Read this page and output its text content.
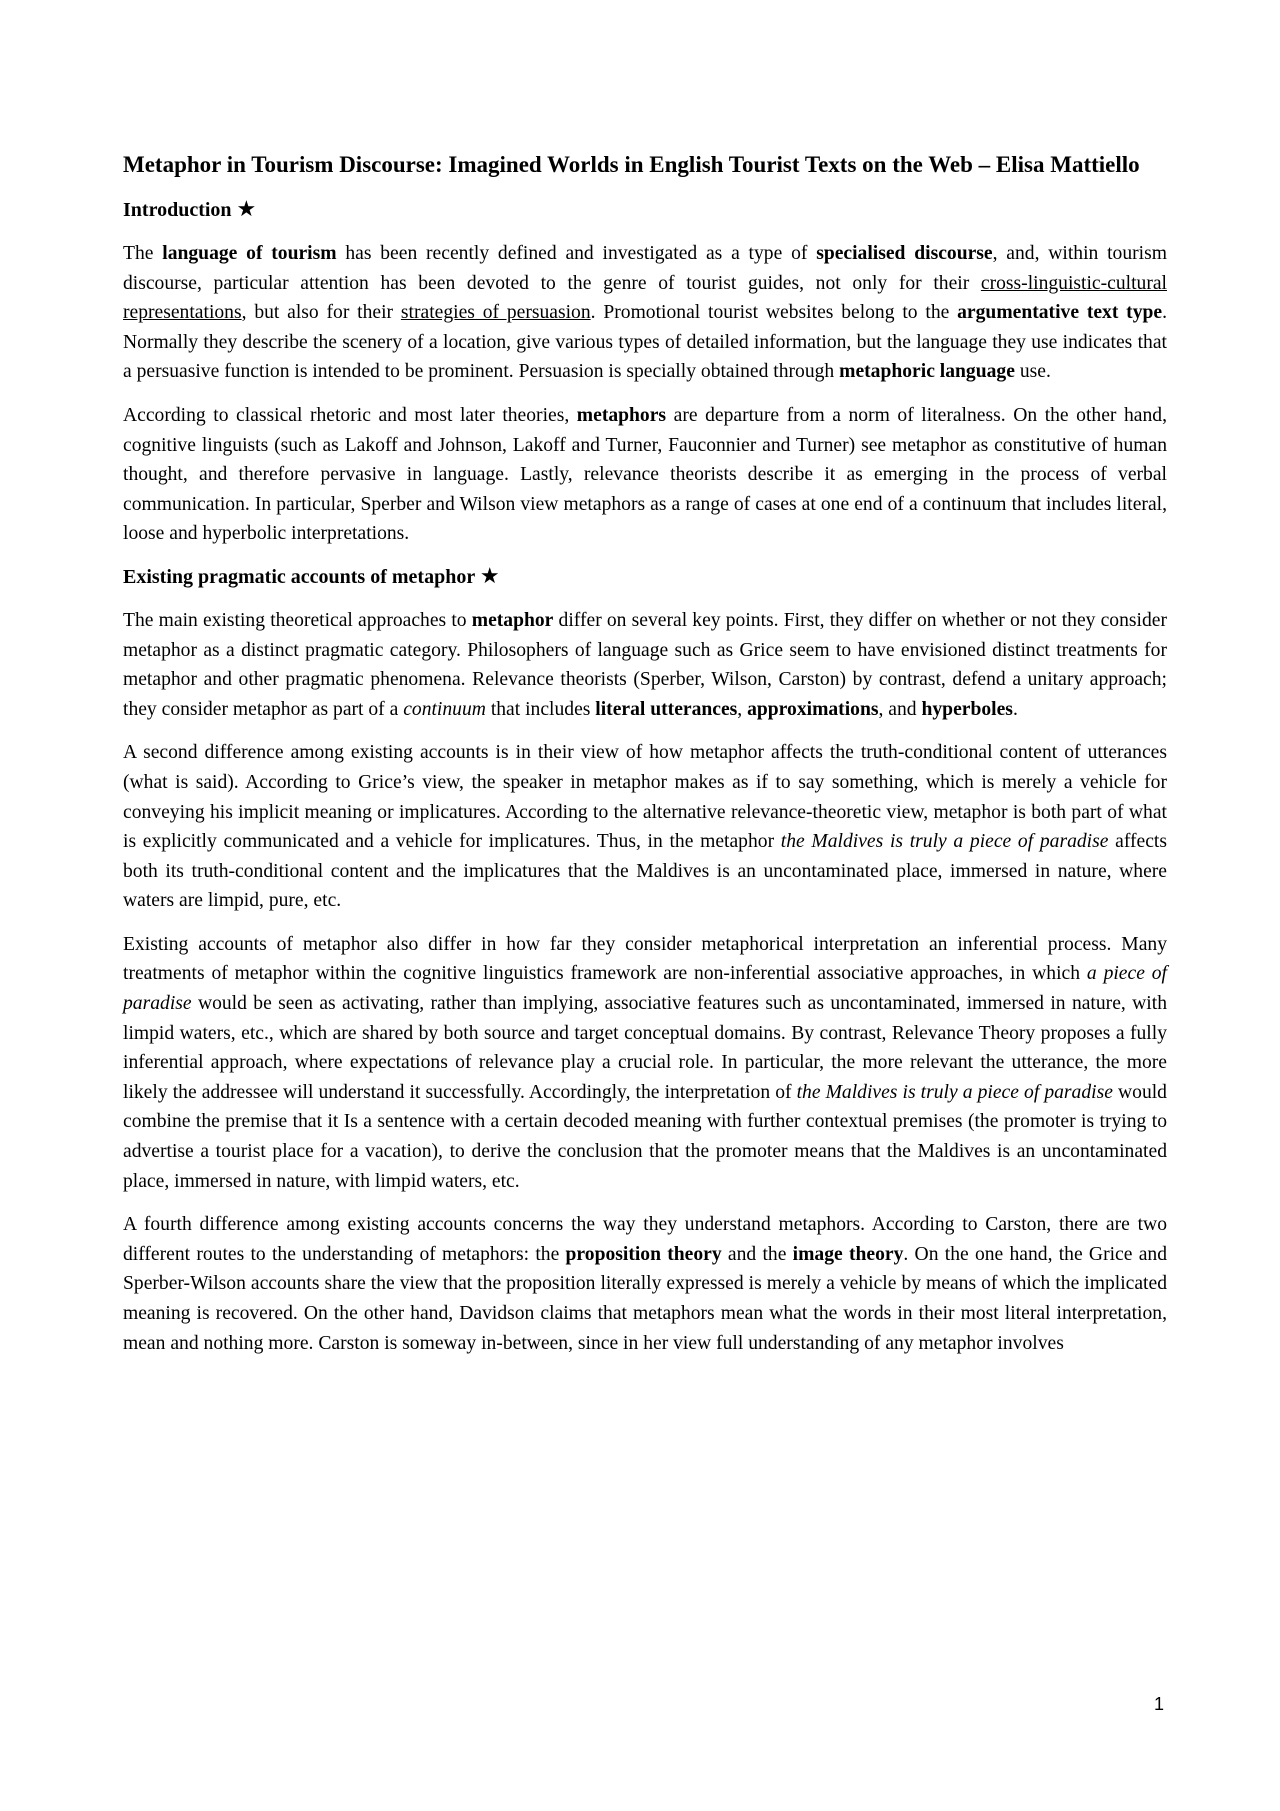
Metaphor in Tourism Discourse: Imagined Worlds in English Tourist Texts on the Web – Elisa Mattiello
Introduction ★

The language of tourism has been recently defined and investigated as a type of specialised discourse, and, within tourism discourse, particular attention has been devoted to the genre of tourist guides, not only for their cross-linguistic-cultural representations, but also for their strategies of persuasion. Promotional tourist websites belong to the argumentative text type. Normally they describe the scenery of a location, give various types of detailed information, but the language they use indicates that a persuasive function is intended to be prominent. Persuasion is specially obtained through metaphoric language use.

According to classical rhetoric and most later theories, metaphors are departure from a norm of literalness. On the other hand, cognitive linguists (such as Lakoff and Johnson, Lakoff and Turner, Fauconnier and Turner) see metaphor as constitutive of human thought, and therefore pervasive in language. Lastly, relevance theorists describe it as emerging in the process of verbal communication. In particular, Sperber and Wilson view metaphors as a range of cases at one end of a continuum that includes literal, loose and hyperbolic interpretations.

Existing pragmatic accounts of metaphor ★

The main existing theoretical approaches to metaphor differ on several key points. First, they differ on whether or not they consider metaphor as a distinct pragmatic category. Philosophers of language such as Grice seem to have envisioned distinct treatments for metaphor and other pragmatic phenomena. Relevance theorists (Sperber, Wilson, Carston) by contrast, defend a unitary approach; they consider metaphor as part of a continuum that includes literal utterances, approximations, and hyperboles.

A second difference among existing accounts is in their view of how metaphor affects the truth-conditional content of utterances (what is said). According to Grice’s view, the speaker in metaphor makes as if to say something, which is merely a vehicle for conveying his implicit meaning or implicatures. According to the alternative relevance-theoretic view, metaphor is both part of what is explicitly communicated and a vehicle for implicatures. Thus, in the metaphor the Maldives is truly a piece of paradise affects both its truth-conditional content and the implicatures that the Maldives is an uncontaminated place, immersed in nature, where waters are limpid, pure, etc.

Existing accounts of metaphor also differ in how far they consider metaphorical interpretation an inferential process. Many treatments of metaphor within the cognitive linguistics framework are non-inferential associative approaches, in which a piece of paradise would be seen as activating, rather than implying, associative features such as uncontaminated, immersed in nature, with limpid waters, etc., which are shared by both source and target conceptual domains. By contrast, Relevance Theory proposes a fully inferential approach, where expectations of relevance play a crucial role. In particular, the more relevant the utterance, the more likely the addressee will understand it successfully. Accordingly, the interpretation of the Maldives is truly a piece of paradise would combine the premise that it Is a sentence with a certain decoded meaning with further contextual premises (the promoter is trying to advertise a tourist place for a vacation), to derive the conclusion that the promoter means that the Maldives is an uncontaminated place, immersed in nature, with limpid waters, etc.

A fourth difference among existing accounts concerns the way they understand metaphors. According to Carston, there are two different routes to the understanding of metaphors: the proposition theory and the image theory. On the one hand, the Grice and Sperber-Wilson accounts share the view that the proposition literally expressed is merely a vehicle by means of which the implicated meaning is recovered. On the other hand, Davidson claims that metaphors mean what the words in their most literal interpretation, mean and nothing more. Carston is someway in-between, since in her view full understanding of any metaphor involves

1
